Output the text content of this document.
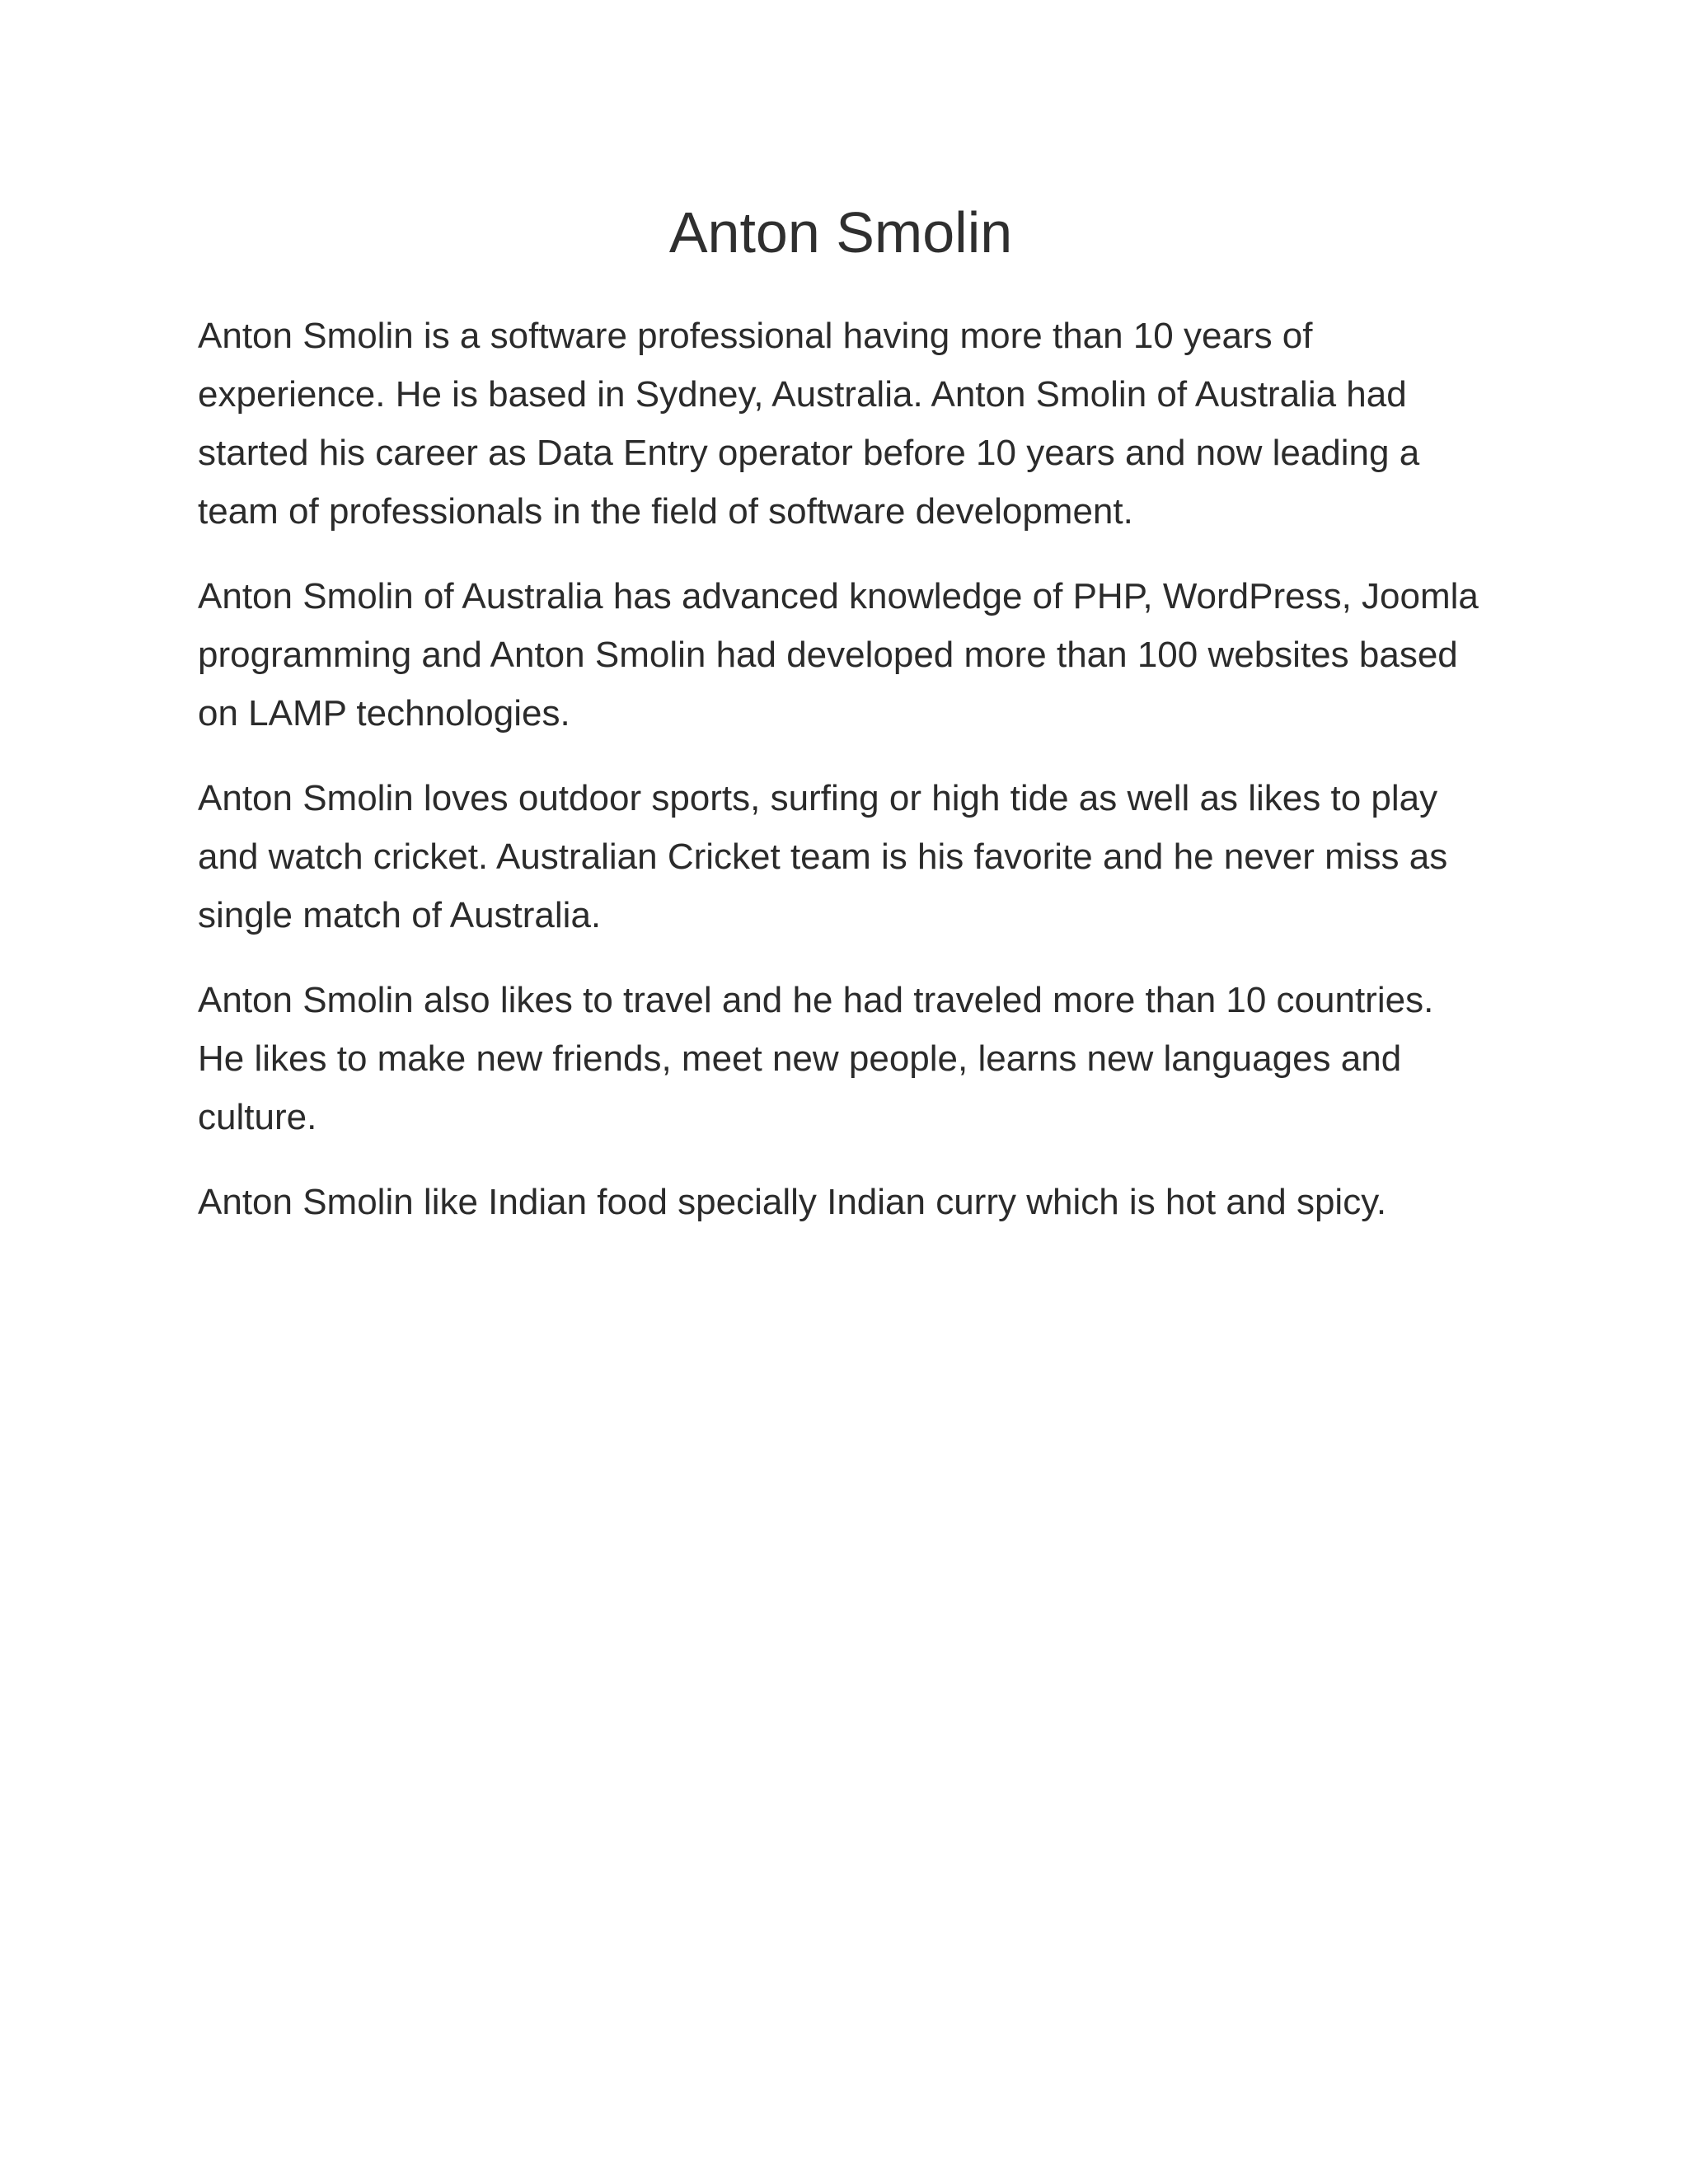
Anton Smolin

Anton Smolin is a software professional having more than 10 years of experience. He is based in Sydney, Australia. Anton Smolin of Australia had started his career as Data Entry operator before 10 years and now leading a team of professionals in the field of software development.

Anton Smolin of Australia has advanced knowledge of PHP, WordPress, Joomla programming and Anton Smolin had developed more than 100 websites based on LAMP technologies.

Anton Smolin loves outdoor sports, surfing or high tide as well as likes to play and watch cricket. Australian Cricket team is his favorite and he never miss as single match of Australia.

Anton Smolin also likes to travel and he had traveled more than 10 countries. He likes to make new friends, meet new people, learns new languages and culture.

Anton Smolin like Indian food specially Indian curry which is hot and spicy.
